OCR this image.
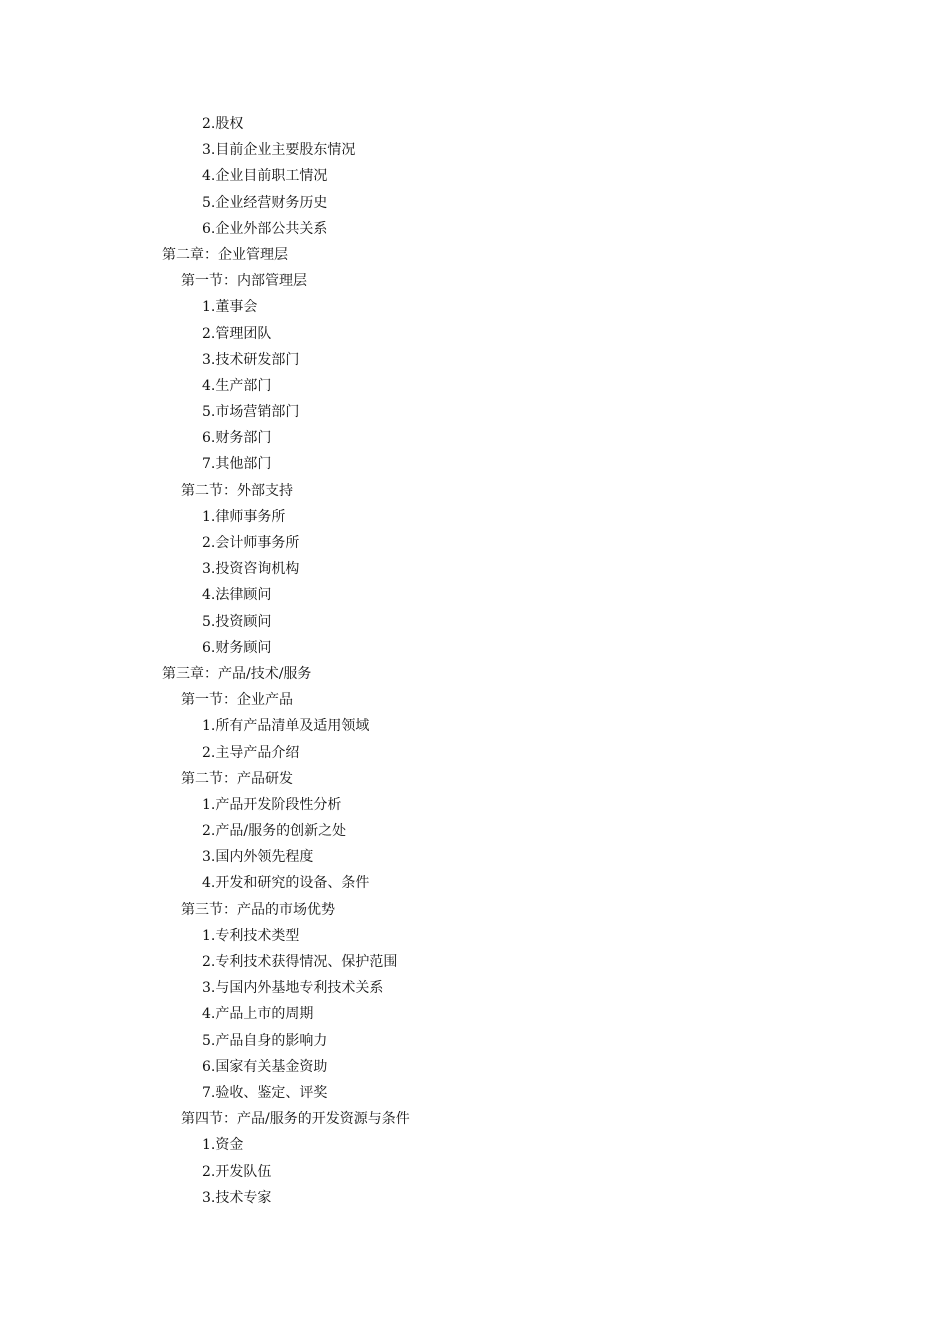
2.股权
3.目前企业主要股东情况
4.企业目前职工情况
5.企业经营财务历史
6.企业外部公共关系
第二章：企业管理层
第一节：内部管理层
1.董事会
2.管理团队
3.技术研发部门
4.生产部门
5.市场营销部门
6.财务部门
7.其他部门
第二节：外部支持
1.律师事务所
2.会计师事务所
3.投资咨询机构
4.法律顾问
5.投资顾问
6.财务顾问
第三章：产品/技术/服务
第一节：企业产品
1.所有产品清单及适用领域
2.主导产品介绍
第二节：产品研发
1.产品开发阶段性分析
2.产品/服务的创新之处
3.国内外领先程度
4.开发和研究的设备、条件
第三节：产品的市场优势
1.专利技术类型
2.专利技术获得情况、保护范围
3.与国内外基地专利技术关系
4.产品上市的周期
5.产品自身的影响力
6.国家有关基金资助
7.验收、鉴定、评奖
第四节：产品/服务的开发资源与条件
1.资金
2.开发队伍
3.技术专家
